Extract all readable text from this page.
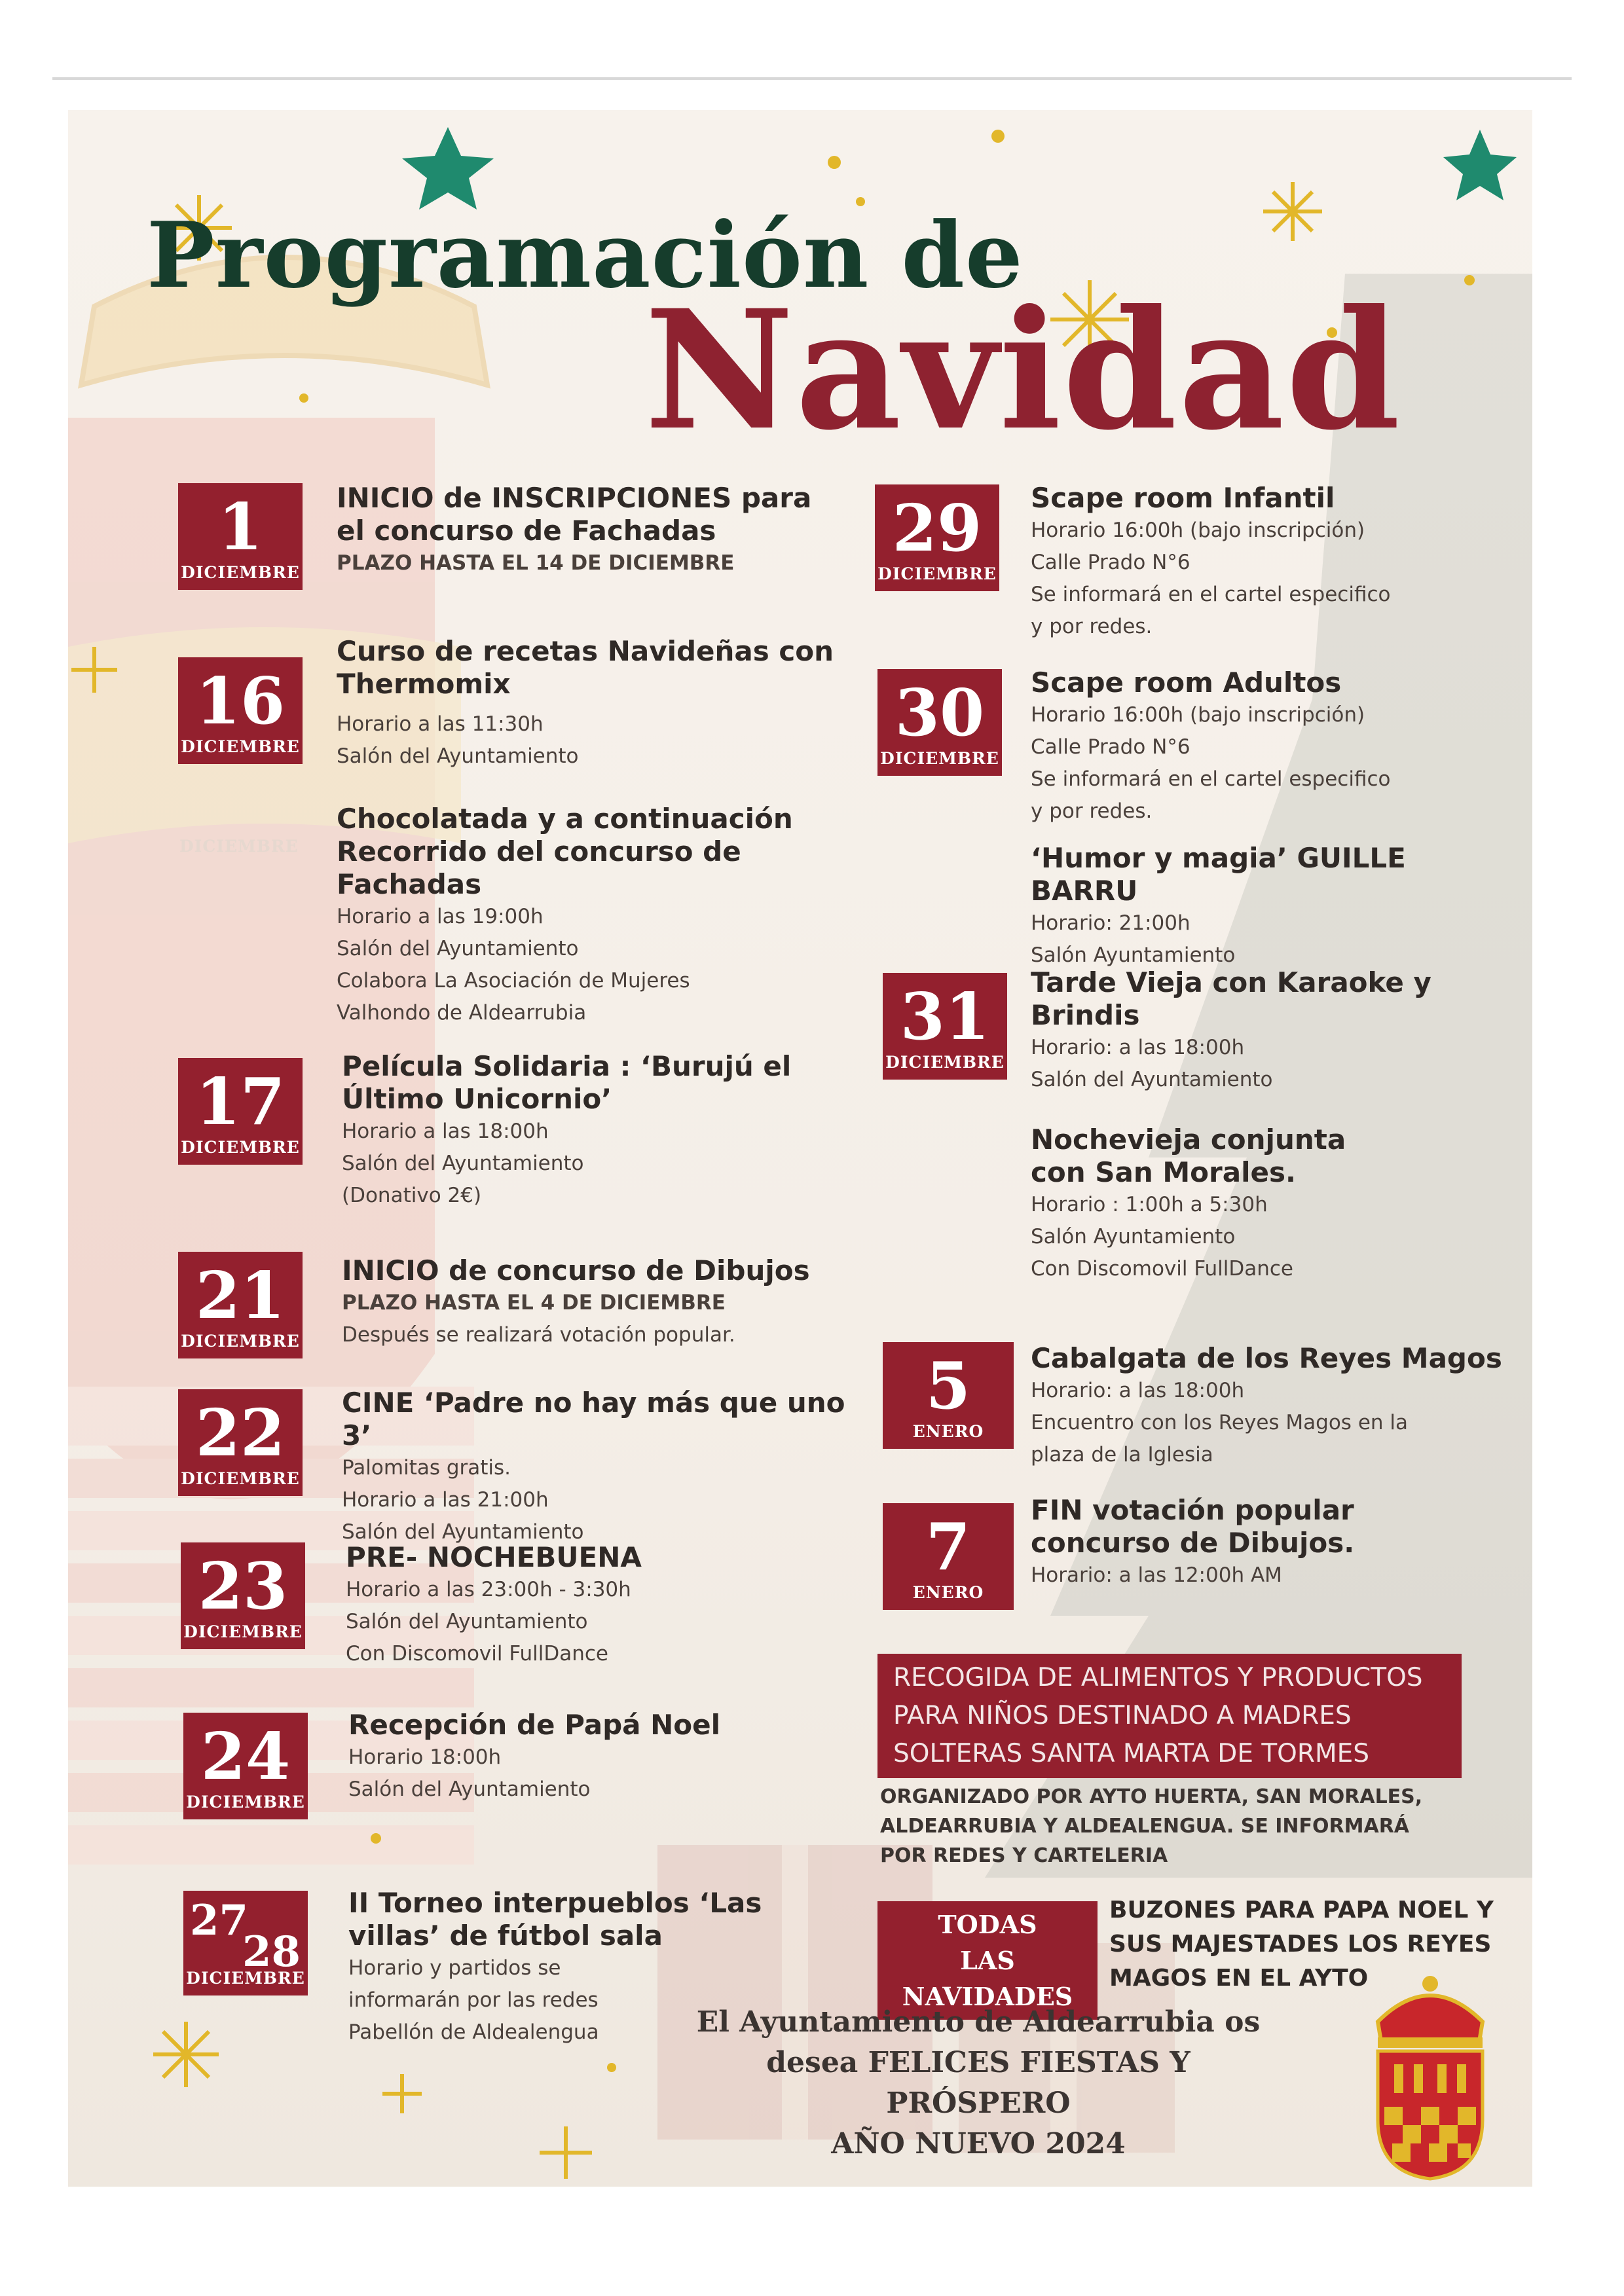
Programación de
Navidad
1
DICIEMBRE
INICIO de INSCRIPCIONES para el concurso de Fachadas
PLAZO HASTA EL 14 DE DICIEMBRE
16
DICIEMBRE
Curso de recetas Navideñas con Thermomix
Horario a las 11:30h
Salón del Ayuntamiento
DICIEMBRE
Chocolatada y a continuación Recorrido del concurso de Fachadas
Horario a las 19:00h
Salón del Ayuntamiento
Colabora La Asociación de Mujeres
Valhondo de Aldearrubia
17
DICIEMBRE
Película Solidaria : ‘Burujú el Último Unicornio’
Horario a las 18:00h
Salón del Ayuntamiento
(Donativo 2€)
21
DICIEMBRE
INICIO de concurso de Dibujos
PLAZO HASTA EL 4 DE DICIEMBRE
Después se realizará votación popular.
22
DICIEMBRE
CINE ‘Padre no hay más que uno 3’
Palomitas gratis.
Horario a las 21:00h
Salón del Ayuntamiento
23
DICIEMBRE
PRE- NOCHEBUENA
Horario a las 23:00h - 3:30h
Salón del Ayuntamiento
Con Discomovil FullDance
24
DICIEMBRE
Recepción de Papá Noel
Horario 18:00h
Salón del Ayuntamiento
27
28
DICIEMBRE
II Torneo interpueblos ‘Las villas’ de fútbol sala
Horario y partidos se
informarán por las redes
Pabellón de Aldealengua
29
DICIEMBRE
Scape room Infantil
Horario 16:00h (bajo inscripción)
Calle Prado N°6
Se informará en el cartel especifico
y por redes.
30
DICIEMBRE
Scape room Adultos
Horario 16:00h (bajo inscripción)
Calle Prado N°6
Se informará en el cartel especifico
y por redes.
‘Humor y magia’ GUILLE BARRU
Horario: 21:00h
Salón Ayuntamiento
31
DICIEMBRE
Tarde Vieja con Karaoke y Brindis
Horario: a las 18:00h
Salón del Ayuntamiento
Nochevieja conjunta con San Morales.
Horario : 1:00h a 5:30h
Salón Ayuntamiento
Con Discomovil FullDance
5
ENERO
Cabalgata de los Reyes Magos
Horario: a las 18:00h
Encuentro con los Reyes Magos en la
plaza de la Iglesia
7
ENERO
FIN votación popular concurso de Dibujos.
Horario: a las 12:00h AM
RECOGIDA DE ALIMENTOS Y PRODUCTOS
PARA NIÑOS DESTINADO A MADRES
SOLTERAS SANTA MARTA DE TORMES
ORGANIZADO POR AYTO HUERTA, SAN MORALES,
ALDEARRUBIA Y ALDEALENGUA. SE INFORMARÁ
POR REDES Y CARTELERIA
TODAS
LAS NAVIDADES
BUZONES PARA PAPA NOEL Y
SUS MAJESTADES LOS REYES
MAGOS EN EL AYTO
El Ayuntamiento de Aldearrubia os
desea FELICES FIESTAS Y PRÓSPERO
AÑO NUEVO 2024
